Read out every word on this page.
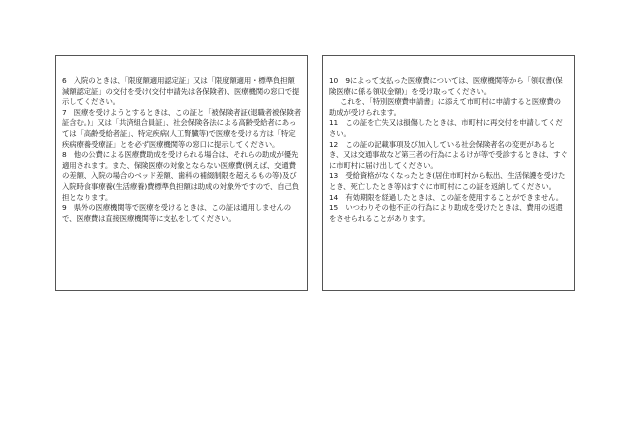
6　入院のときは、「限度額適用認定証」又は「限度額適用・標準負担額減額認定証」の交付を受け(交付申請先は各保険者)、医療機関の窓口で提示してください。

7　医療を受けようとするときは、この証と「被保険者証(退職者被保険者証含む。)」又は「共済組合員証」、社会保険各法による高齢受給者にあっては「高齢受給者証」、特定疾病(人工腎臓等)で医療を受ける方は「特定疾病療養受療証」とを必ず医療機関等の窓口に提示してください。

8　他の公費による医療費助成を受けられる場合は、それらの助成が優先適用されます。また、保険医療の対象とならない医療費(例えば、交通費の差額、入院の場合のベッド差額、歯科の補綴制限を超えるもの等)及び入院時食事療養(生活療養)費標準負担額は助成の対象外ですので、自己負担となります。

9　県外の医療機関等で医療を受けるときは、この証は通用しませんので、医療費は直接医療機関等に支払をしてください。

10　9によって支払った医療費については、医療機関等から「領収書(保険医療に係る領収金額)」を受け取ってください。

これを、「特別医療費申請書」に添えて市町村に申請すると医療費の助成が受けられます。

11　この証を亡失又は損傷したときは、市町村に再交付を申請してください。

12　この証の記載事項及び加入している社会保険者名の変更があるとき、又は交通事故など第三者の行為によるけが等で受診するときは、すぐに市町村に届け出してください。

13　受給資格がなくなったとき(居住市町村から転出、生活保護を受けたとき、死亡したとき等)はすぐに市町村にこの証を返納してください。

14　有効期限を経過したときは、この証を使用することができません。

15　いつわりその他不正の行為により助成を受けたときは、費用の返還をさせられることがあります。
